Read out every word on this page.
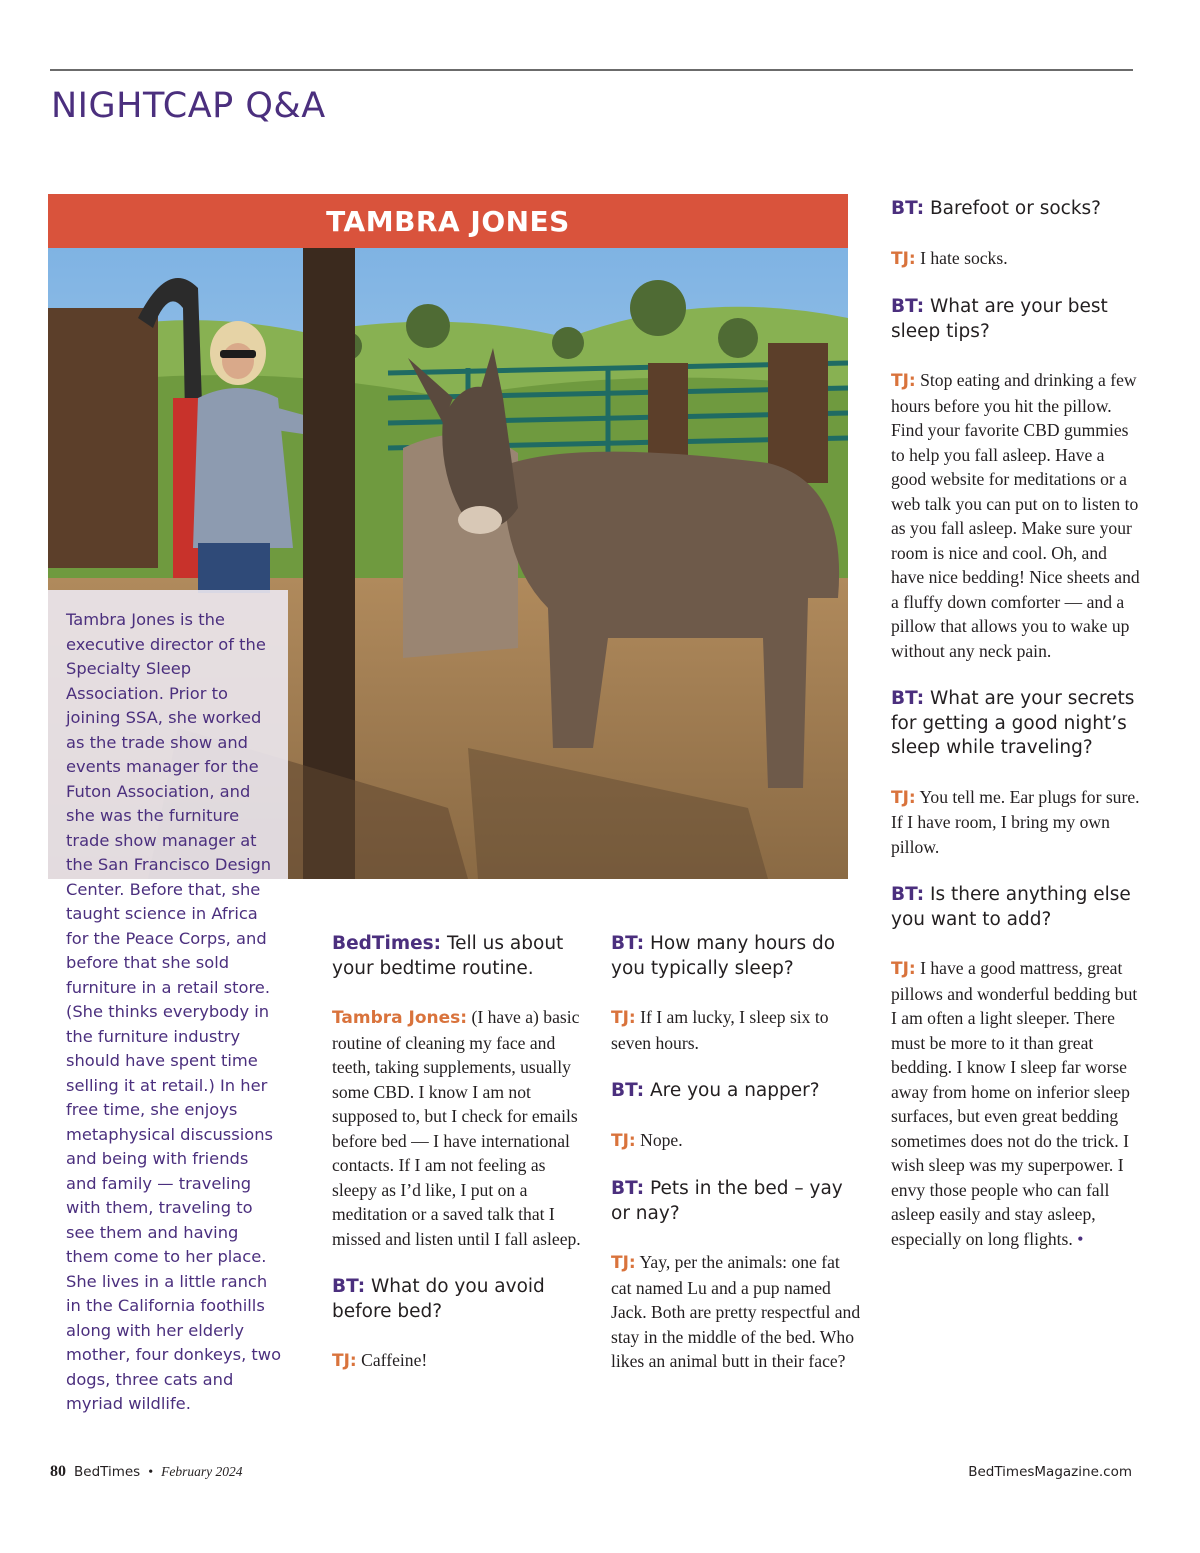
NIGHTCAP Q&A
TAMBRA JONES

Tambra Jones is the executive director of the Specialty Sleep Association. Prior to joining SSA, she worked as the trade show and events manager for the Futon Association, and she was the furniture trade show manager at the San Francisco Design Center. Before that, she taught science in Africa for the Peace Corps, and before that she sold furniture in a retail store. (She thinks everybody in the furniture industry should have spent time selling it at retail.) In her free time, she enjoys metaphysical discussions and being with friends and family — traveling with them, traveling to see them and having them come to her place. She lives in a little ranch in the California foothills along with her elderly mother, four donkeys, two dogs, three cats and myriad wildlife.

BedTimes: Tell us about your bedtime routine.

Tambra Jones: (I have a) basic routine of cleaning my face and teeth, taking supplements, usually some CBD. I know I am not supposed to, but I check for emails before bed — I have international contacts. If I am not feeling as sleepy as I’d like, I put on a meditation or a saved talk that I missed and listen until I fall asleep.

BT: What do you avoid before bed?

TJ: Caffeine!

BT: How many hours do you typically sleep?

TJ: If I am lucky, I sleep six to seven hours.

BT: Are you a napper?

TJ: Nope.

BT: Pets in the bed – yay or nay?

TJ: Yay, per the animals: one fat cat named Lu and a pup named Jack. Both are pretty respectful and stay in the middle of the bed. Who likes an animal butt in their face?

BT: Barefoot or socks?

TJ: I hate socks.

BT: What are your best sleep tips?

TJ: Stop eating and drinking a few hours before you hit the pillow. Find your favorite CBD gummies to help you fall asleep. Have a good website for meditations or a web talk you can put on to listen to as you fall asleep. Make sure your room is nice and cool. Oh, and have nice bedding! Nice sheets and a fluffy down comforter — and a pillow that allows you to wake up without any neck pain.

BT: What are your secrets for getting a good night’s sleep while traveling?

TJ: You tell me. Ear plugs for sure. If I have room, I bring my own pillow.

BT: Is there anything else you want to add?

TJ: I have a good mattress, great pillows and wonderful bedding but I am often a light sleeper. There must be more to it than great bedding. I know I sleep far worse away from home on inferior sleep surfaces, but even great bedding sometimes does not do the trick. I wish sleep was my superpower. I envy those people who can fall asleep easily and stay asleep, especially on long flights. •

80 BedTimes • February 2024	BedTimesMagazine.com
